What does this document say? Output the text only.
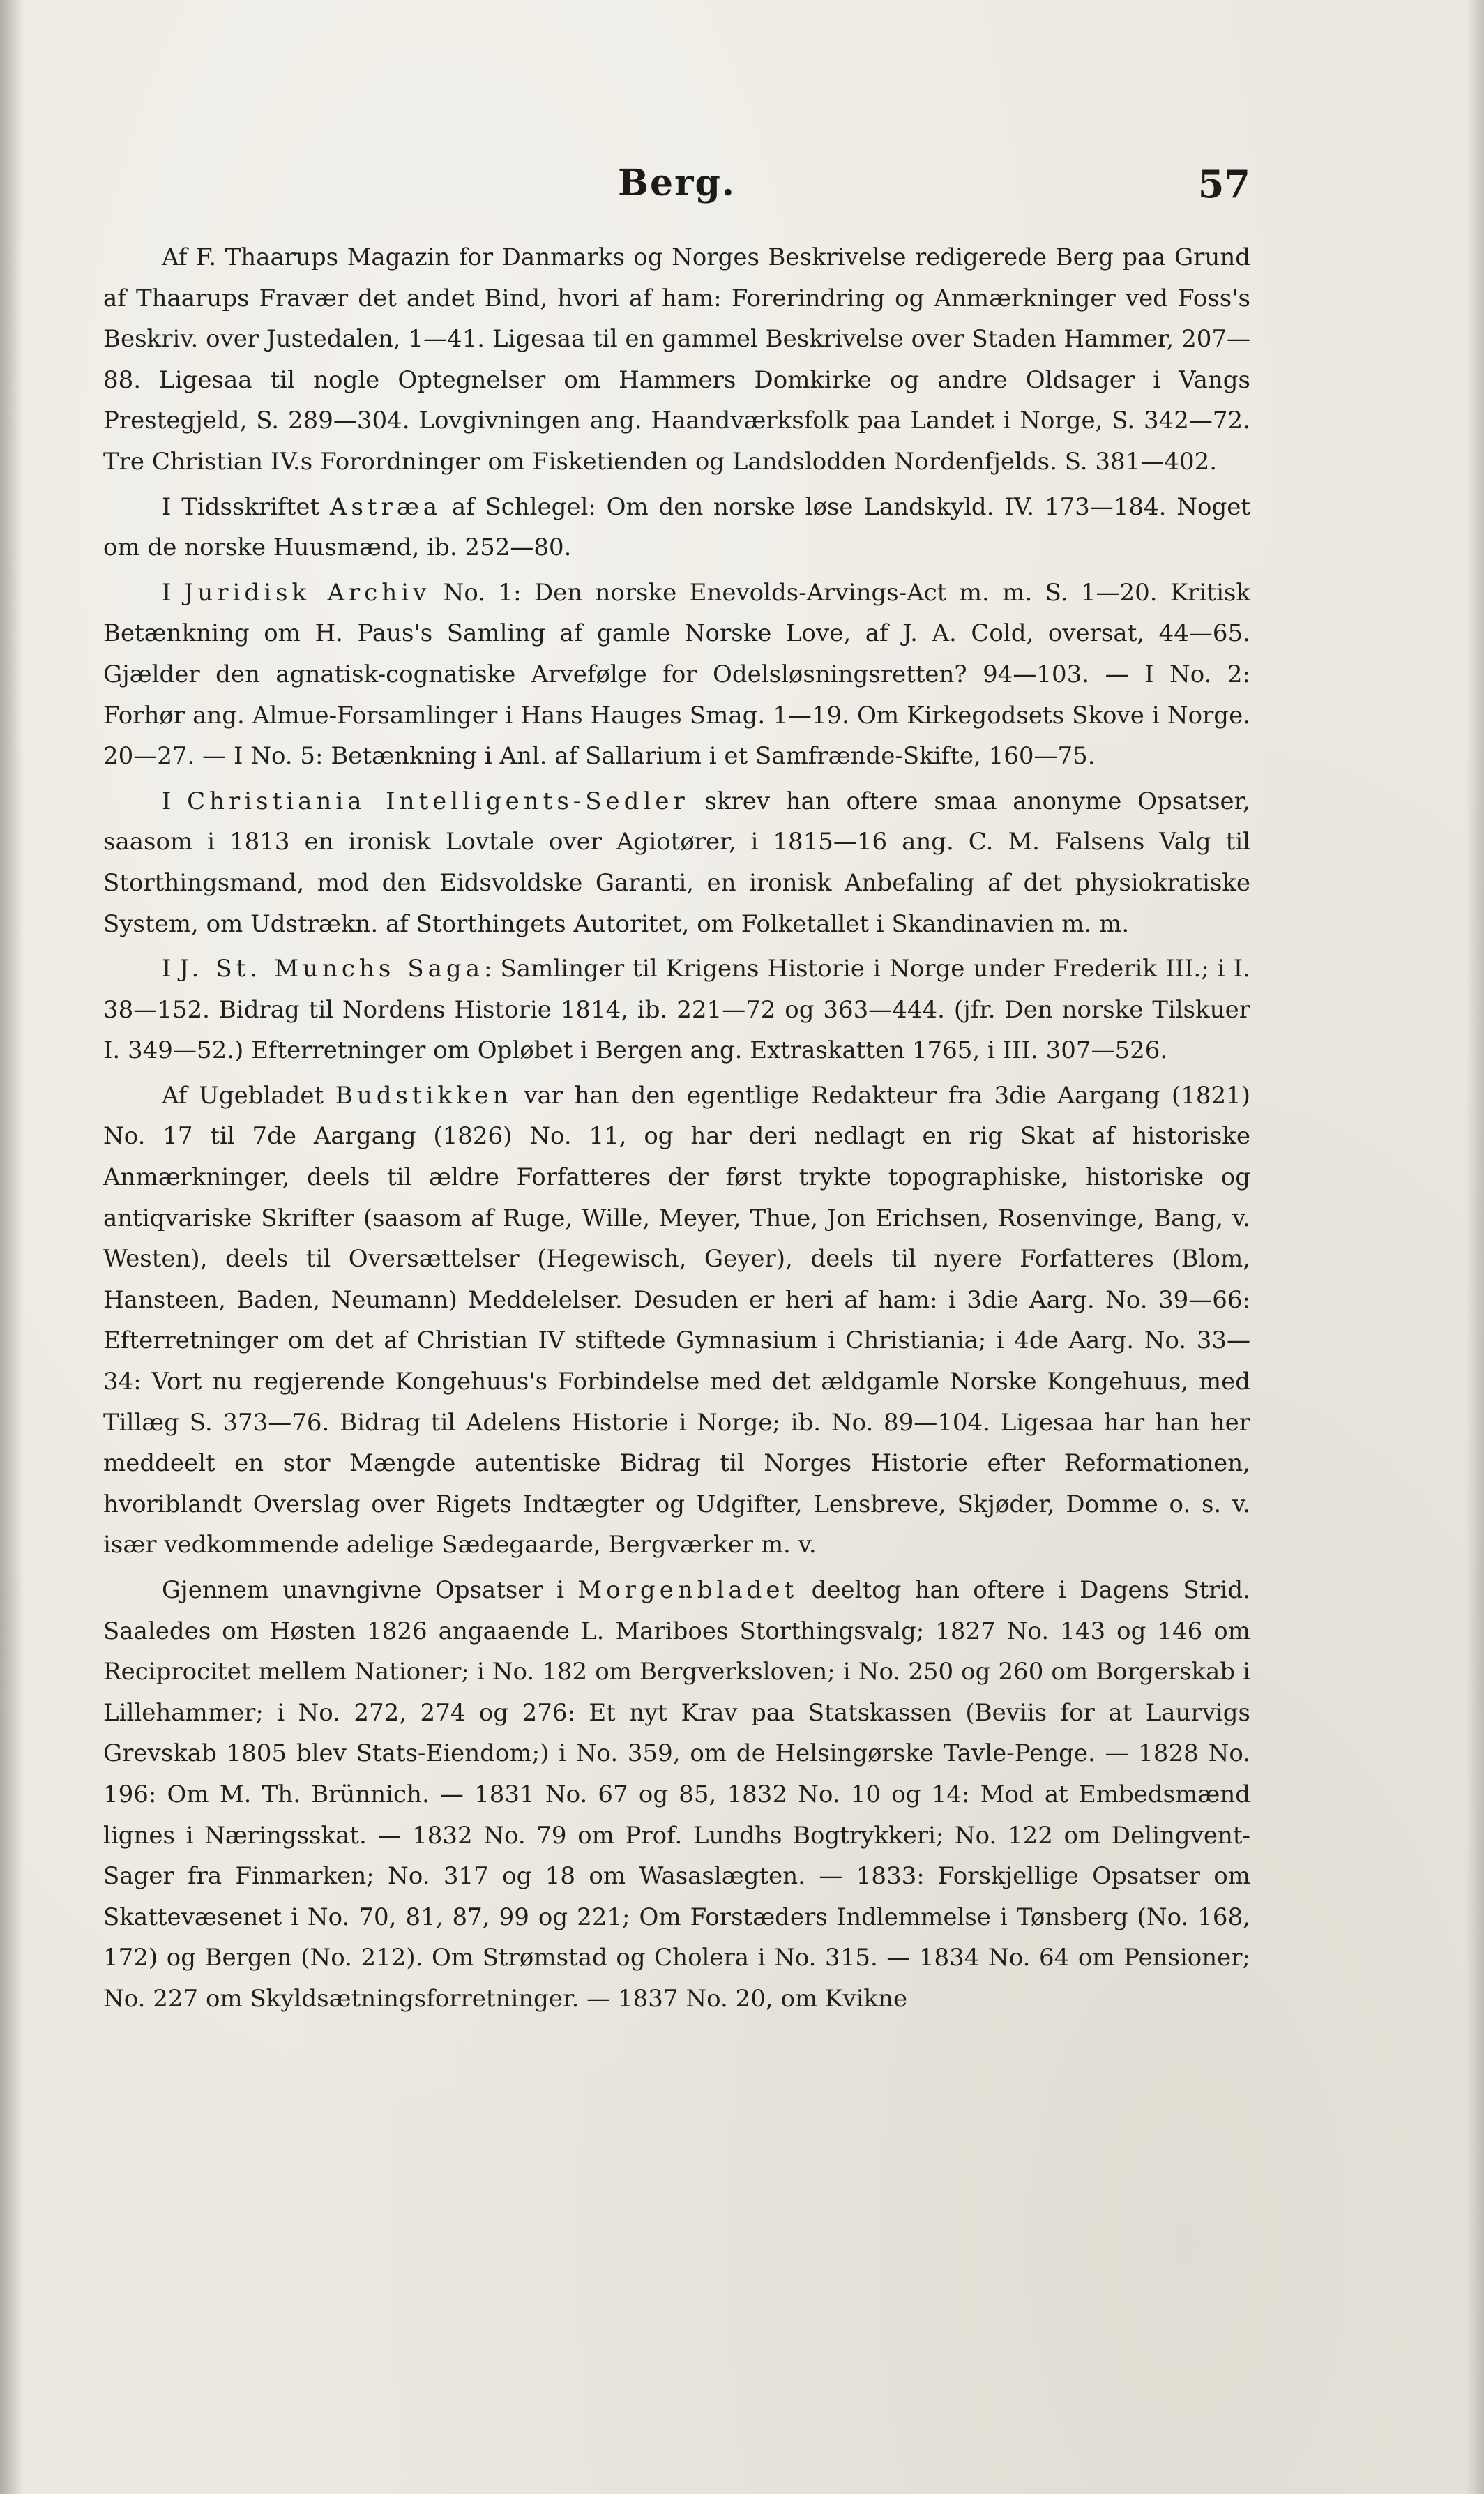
Berg.	57

Af F. Thaarups Magazin for Danmarks og Norges Beskrivelse redigerede Berg paa Grund af Thaarups Fravær det andet Bind, hvori af ham: Forerindring og Anmærkninger ved Foss's Beskriv. over Justedalen, 1—41. Ligesaa til en gammel Beskrivelse over Staden Hammer, 207—88. Ligesaa til nogle Optegnelser om Hammers Domkirke og andre Oldsager i Vangs Prestegjeld, S. 289—304. Lovgivningen ang. Haandværksfolk paa Landet i Norge, S. 342—72. Tre Christian IV.s Forordninger om Fisketienden og Landslodden Nordenfjelds. S. 381—402.

I Tidsskriftet Astræa af Schlegel: Om den norske løse Landskyld. IV. 173—184. Noget om de norske Huusmænd, ib. 252—80.

I Juridisk Archiv No. 1: Den norske Enevolds-Arvings-Act m. m. S. 1—20. Kritisk Betænkning om H. Paus's Samling af gamle Norske Love, af J. A. Cold, oversat, 44—65. Gjælder den agnatisk-cognatiske Arvefølge for Odelsløsningsretten? 94—103. — I No. 2: Forhør ang. Almue-Forsamlinger i Hans Hauges Smag. 1—19. Om Kirkegodsets Skove i Norge. 20—27. — I No. 5: Betænkning i Anl. af Sallarium i et Samfrænde-Skifte, 160—75.

I Christiania Intelligents-Sedler skrev han oftere smaa anonyme Opsatser, saasom i 1813 en ironisk Lovtale over Agiotører, i 1815—16 ang. C. M. Falsens Valg til Storthingsmand, mod den Eidsvoldske Garanti, en ironisk Anbefaling af det physiokratiske System, om Udstrækn. af Storthingets Autoritet, om Folketallet i Skandinavien m. m.

I J. St. Munchs Saga: Samlinger til Krigens Historie i Norge under Frederik III.; i I. 38—152. Bidrag til Nordens Historie 1814, ib. 221—72 og 363—444. (jfr. Den norske Tilskuer I. 349—52.) Efterretninger om Opløbet i Bergen ang. Extraskatten 1765, i III. 307—526.

Af Ugebladet Budstikken var han den egentlige Redakteur fra 3die Aargang (1821) No. 17 til 7de Aargang (1826) No. 11, og har deri nedlagt en rig Skat af historiske Anmærkninger, deels til ældre Forfatteres der først trykte topographiske, historiske og antiqvariske Skrifter (saasom af Ruge, Wille, Meyer, Thue, Jon Erichsen, Rosenvinge, Bang, v. Westen), deels til Oversættelser (Hegewisch, Geyer), deels til nyere Forfatteres (Blom, Hansteen, Baden, Neumann) Meddelelser. Desuden er heri af ham: i 3die Aarg. No. 39—66: Efterretninger om det af Christian IV stiftede Gymnasium i Christiania; i 4de Aarg. No. 33—34: Vort nu regjerende Kongehuus's Forbindelse med det ældgamle Norske Kongehuus, med Tillæg S. 373—76. Bidrag til Adelens Historie i Norge; ib. No. 89—104. Ligesaa har han her meddeelt en stor Mængde autentiske Bidrag til Norges Historie efter Reformationen, hvoriblandt Overslag over Rigets Indtægter og Udgifter, Lensbreve, Skjøder, Domme o. s. v. især vedkommende adelige Sædegaarde, Bergværker m. v.

Gjennem unavngivne Opsatser i Morgenbladet deeltog han oftere i Dagens Strid. Saaledes om Høsten 1826 angaaende L. Mariboes Storthingsvalg; 1827 No. 143 og 146 om Reciprocitet mellem Nationer; i No. 182 om Bergverksloven; i No. 250 og 260 om Borgerskab i Lillehammer; i No. 272, 274 og 276: Et nyt Krav paa Statskassen (Beviis for at Laurvigs Grevskab 1805 blev Stats-Eiendom;) i No. 359, om de Helsingørske Tavle-Penge. — 1828 No. 196: Om M. Th. Brünnich. — 1831 No. 67 og 85, 1832 No. 10 og 14: Mod at Embedsmænd lignes i Næringsskat. — 1832 No. 79 om Prof. Lundhs Bogtrykkeri; No. 122 om Delingvent-Sager fra Finmarken; No. 317 og 18 om Wasaslægten. — 1833: Forskjellige Opsatser om Skattevæsenet i No. 70, 81, 87, 99 og 221; Om Forstæders Indlemmelse i Tønsberg (No. 168, 172) og Bergen (No. 212). Om Strømstad og Cholera i No. 315. — 1834 No. 64 om Pensioner; No. 227 om Skyldsætningsforretninger. — 1837 No. 20, om Kvikne
